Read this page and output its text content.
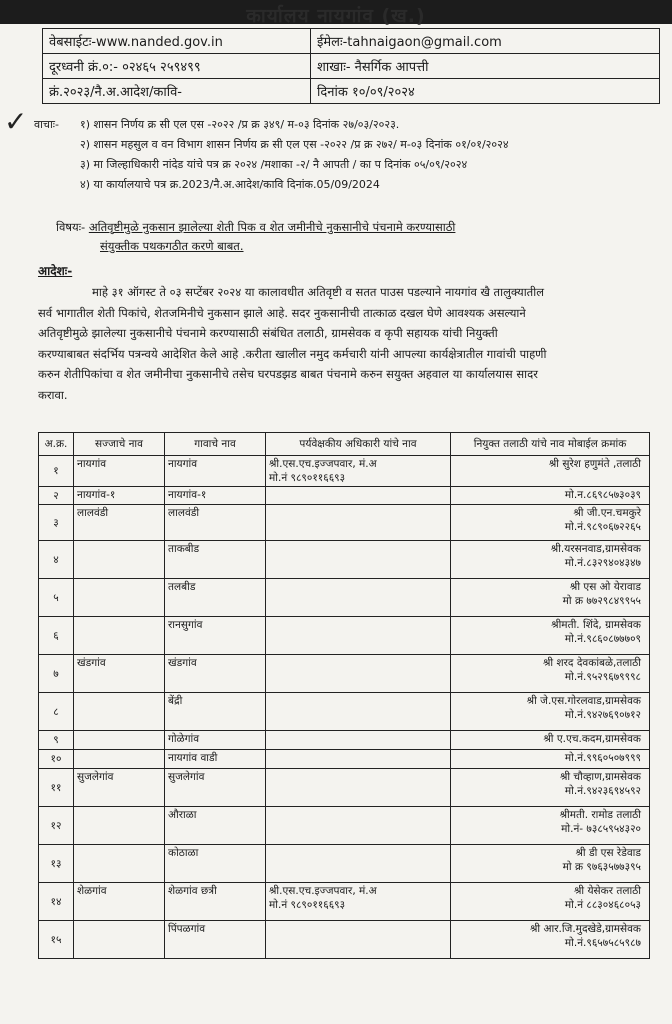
कार्यालय नायगांव (ख.)
वेबसाईटः-www.nanded.gov.in	ईमेलः-tahnaigaon@gmail.com
दूरध्वनी क्रं.०:- ०२४६५ २५९४९९	शाखाः- नैसर्गिक आपत्ती
क्रं.२०२३/नै.अ.आदेश/कावि-	दिनांक १०/०९/२०२४
✓ वाचाः- १) शासन निर्णय क्र सी एल एस -२०२२ /प्र क्र ३४९/ म-०३ दिनांक २७/०३/२०२३.
२) शासन महसुल व वन विभाग शासन निर्णय क्र सी एल एस -२०२२ /प्र क्र २७२/ म-०३ दिनांक ०१/०१/२०२४
३) मा जिल्हाधिकारी नांदेड यांचे पत्र क्र २०२४ /मशाका -२/ नै आपती / का प दिनांक ०५/०९/२०२४
४) या कार्यालयाचे पत्र क्र.2023/नै.अ.आदेश/कावि दिनांक.05/09/2024
विषयः- अतिवृष्टीमुळे नुकसान झालेल्या शेती पिक व शेत जमीनीचे नुकसानीचे पंचनामे करण्यासाठी
संयुक्तीक पथकगठीत करणे बाबत.
आदेशः-
माहे ३१ ऑगस्ट ते ०३ सप्टेंबर २०२४ या कालावधीत अतिवृष्टी व सतत पाउस पडल्याने नायगांव खै तालुक्यातील
सर्व भागातील शेती पिकांचे, शेतजमिनीचे नुकसान झाले आहे. सदर नुकसानीची तात्काळ दखल घेणे आवश्यक असल्याने
अतिवृष्टीमुळे झालेल्या नुकसानीचे पंचनामे करण्यासाठी संबंधित तलाठी, ग्रामसेवक व कृपी सहायक यांची नियुक्ती
करण्याबाबत संदर्भिय पत्रन्वये आदेशित केले आहे .करीता खालील नमुद कर्मचारी यांनी आपल्या कार्यक्षेत्रातील गावांची पाहणी
करुन शेतीपिकांचा व शेत जमीनीचा नुकसानीचे तसेच घरपडझड बाबत पंचनामे करुन सयुक्त अहवाल या कार्यालयास सादर
करावा.
अ.क्र.	सज्जाचे नाव	गावाचे नाव	पर्यवेक्षकीय अधिकारी यांचे नाव	नियुक्त तलाठी यांचे नाव मोबाईल क्रमांक

१	नायगांव	नायगांव	श्री.एस.एच.इज्जपवार, मं.अ
मो.नं ९८९०११६६९३	श्री सुरेश हणुमंते ,तलाठी

२	नायगांव-१	नायगांव-१		मो.न.८६९८५७३०३९

३	लालवंडी	लालवंडी		श्री जी.एन.चमकुरे
मो.नं.९८९०६७२२६५

४		ताकबीड		श्री.यरसनवाड,ग्रामसेवक
मो.नं.८३२९४०४३४७

५		तलबीड		श्री एस ओ येरावाड
मो क्र ७७२९८४९९५५

६		रानसुगांव		श्रीमती. शिंदे, ग्रामसेवक
मो.नं.९८६०८७७७०९

७	खंडगांव	खंडगांव		श्री शरद देवकांबळे,तलाठी
मो.नं.९५२९६७९९९८

८		बेंद्री		श्री जे.एस.गोरलवाड,ग्रामसेवक
मो.नं.९४२७६९०७१२

९		गोळेगांव		श्री ए.एच.कदम,ग्रामसेवक

१०		नायगांव वाडी		मो.नं.९९६०५०७९९९

११	सुजलेगांव	सुजलेगांव		श्री चौव्हाण,ग्रामसेवक
मो.नं.९४२३६९४५९२

१२		औराळा		श्रीमती. रामोड तलाठी
मो.नं- ७३८५९५४३२०

१३		कोठाळा		श्री डी एस रेडेवाड
मो क्र ९७६३५७७३९५

१४	शेळगांव	शेळगांव छत्री	श्री.एस.एच.इज्जपवार, मं.अ
मो.नं ९८९०११६६९३	श्री येसेकर तलाठी
मो.नं ८८३०४६८०५३

१५		पिंपळगांव		श्री आर.जि.मुदखेडे,ग्रामसेवक
मो.नं.९६५७५८५९८७
